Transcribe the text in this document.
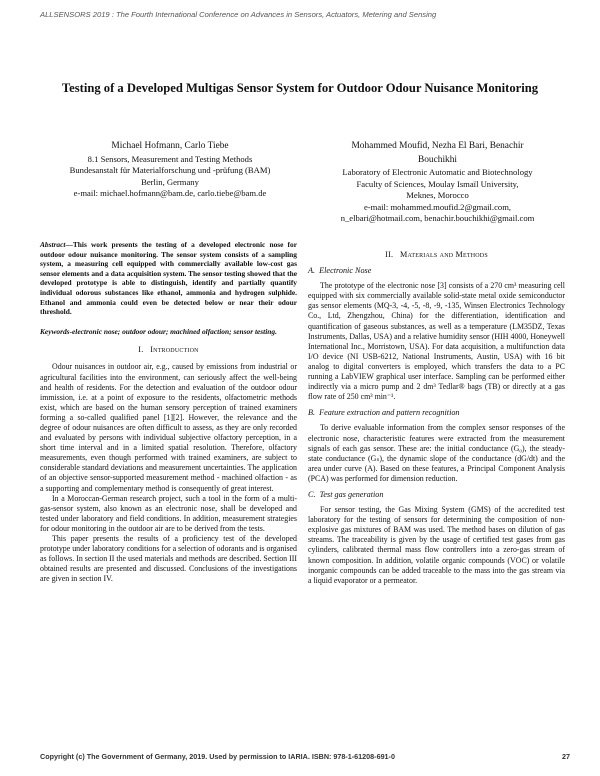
ALLSENSORS 2019 : The Fourth International Conference on Advances in Sensors, Actuators, Metering and Sensing
Testing of a Developed Multigas Sensor System for Outdoor Odour Nuisance Monitoring
Michael Hofmann, Carlo Tiebe
8.1 Sensors, Measurement and Testing Methods
Bundesanstalt für Materialforschung und -prüfung (BAM)
Berlin, Germany
e-mail: michael.hofmann@bam.de, carlo.tiebe@bam.de
Mohammed Moufid, Nezha El Bari, Benachir
Bouchikhi
Laboratory of Electronic Automatic and Biotechnology
Faculty of Sciences, Moulay Ismaïl University,
Meknes, Morocco
e-mail: mohammed.moufid.2@gmail.com,
n_elbari@hotmail.com, benachir.bouchikhi@gmail.com

Abstract—This work presents the testing of a developed electronic nose for outdoor odour nuisance monitoring. The sensor system consists of a sampling system, a measuring cell equipped with commercially available low-cost gas sensor elements and a data acquisition system. The sensor testing showed that the developed prototype is able to distinguish, identify and partially quantify individual odorous substances like ethanol, ammonia and hydrogen sulphide. Ethanol and ammonia could even be detected below or near their odour threshold.

Keywords-electronic nose; outdoor odour; machined olfaction; sensor testing.

I. Introduction

Odour nuisances in outdoor air, e.g., caused by emissions from industrial or agricultural facilities into the environment, can seriously affect the well-being and health of residents. For the detection and evaluation of the outdoor odour immission, i.e. at a point of exposure to the residents, olfactometric methods exist, which are based on the human sensory perception of trained examiners forming a so-called qualified panel [1][2]. However, the relevance and the degree of odour nuisances are often difficult to assess, as they are only recorded and evaluated by persons with individual subjective olfactory perception, in a short time interval and in a limited spatial resolution. Therefore, olfactory measurements, even though performed with trained examiners, are subject to considerable standard deviations and measurement uncertainties. The application of an objective sensor-supported measurement method - machined olfaction - as a supporting and complementary method is consequently of great interest.

In a Moroccan-German research project, such a tool in the form of a multi-gas-sensor system, also known as an electronic nose, shall be developed and tested under laboratory and field conditions. In addition, measurement strategies for odour monitoring in the outdoor air are to be derived from the tests.

This paper presents the results of a proficiency test of the developed prototype under laboratory conditions for a selection of odorants and is organised as follows. In section II the used materials and methods are described. Section III obtained results are presented and discussed. Conclusions of the investigations are given in section IV.

II. Materials and Methods
A. Electronic Nose

The prototype of the electronic nose [3] consists of a 270 cm³ measuring cell equipped with six commercially available solid-state metal oxide semiconductor gas sensor elements (MQ-3, -4, -5, -8, -9, -135, Winsen Electronics Technology Co., Ltd, Zhengzhou, China) for the differentiation, identification and quantification of gaseous substances, as well as a temperature (LM35DZ, Texas Instruments, Dallas, USA) and a relative humidity sensor (HIH 4000, Honeywell International Inc., Morristown, USA). For data acquisition, a multifunction data I/O device (NI USB-6212, National Instruments, Austin, USA) with 16 bit analog to digital converters is employed, which transfers the data to a PC running a LabVIEW graphical user interface. Sampling can be performed either indirectly via a micro pump and 2 dm³ Tedlar® bags (TB) or directly at a gas flow rate of 250 cm³ min⁻¹.

B. Feature extraction and pattern recognition

To derive evaluable information from the complex sensor responses of the electronic nose, characteristic features were extracted from the measurement signals of each gas sensor. These are: the initial conductance (G₀), the steady-state conductance (Gₛ), the dynamic slope of the conductance (dG/dt) and the area under curve (A). Based on these features, a Principal Component Analysis (PCA) was performed for dimension reduction.

C. Test gas generation

For sensor testing, the Gas Mixing System (GMS) of the accredited test laboratory for the testing of sensors for determining the composition of non-explosive gas mixtures of BAM was used. The method bases on dilution of gas streams. The traceability is given by the usage of certified test gases from gas cylinders, calibrated thermal mass flow controllers into a zero-gas stream of known composition. In addition, volatile organic compounds (VOC) or volatile inorganic compounds can be added traceable to the mass into the gas stream via a liquid evaporator or a permeator.

Copyright (c) The Government of Germany, 2019. Used by permission to IARIA. ISBN: 978-1-61208-691-0	27
